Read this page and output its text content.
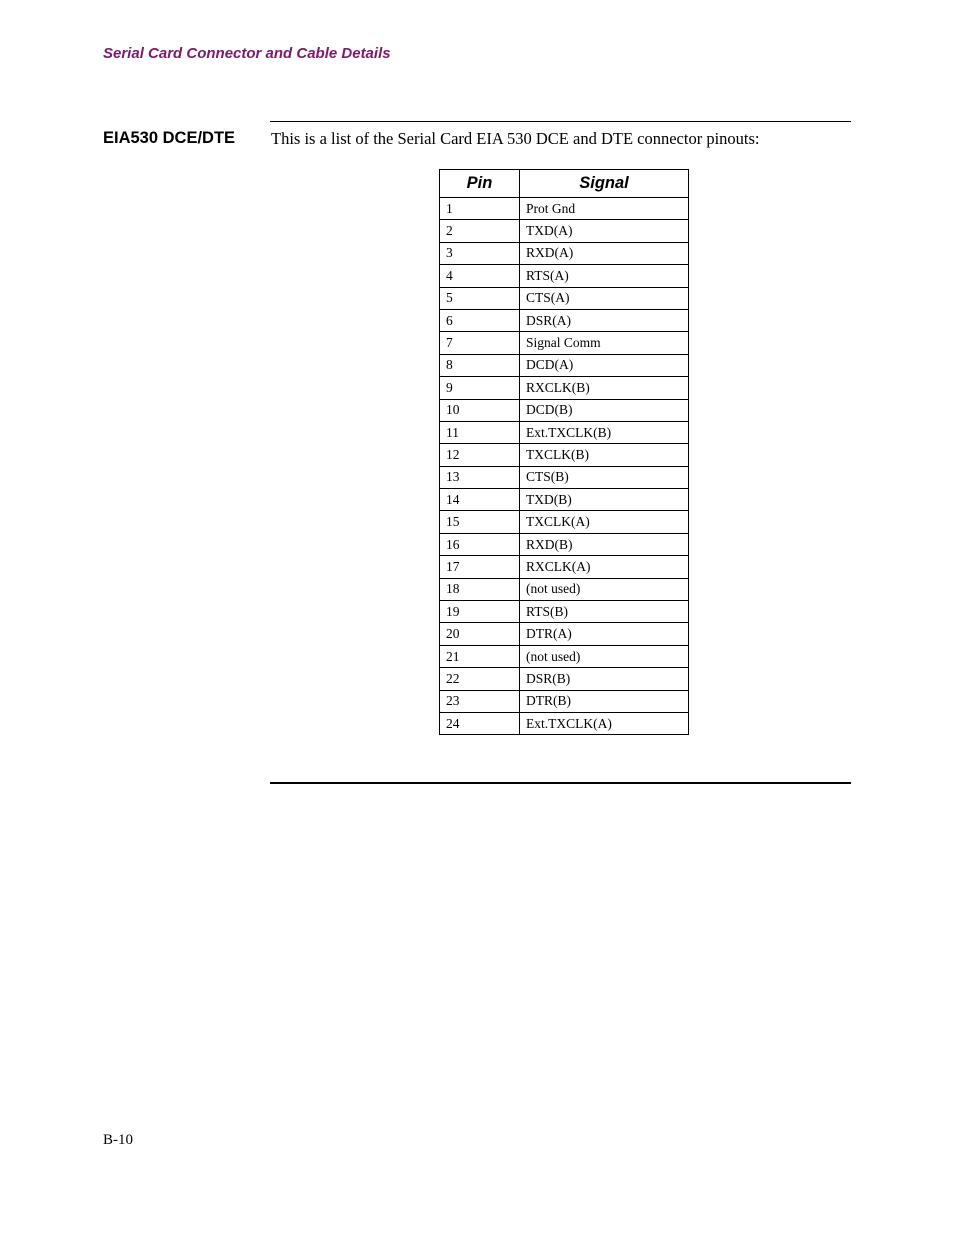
Serial Card Connector and Cable Details
EIA530 DCE/DTE This is a list of the Serial Card EIA 530 DCE and DTE connector pinouts:
Pin	Signal
1	Prot Gnd
2	TXD(A)
3	RXD(A)
4	RTS(A)
5	CTS(A)
6	DSR(A)
7	Signal Comm
8	DCD(A)
9	RXCLK(B)
10	DCD(B)
11	Ext.TXCLK(B)
12	TXCLK(B)
13	CTS(B)
14	TXD(B)
15	TXCLK(A)
16	RXD(B)
17	RXCLK(A)
18	(not used)
19	RTS(B)
20	DTR(A)
21	(not used)
22	DSR(B)
23	DTR(B)
24	Ext.TXCLK(A)
B-10
